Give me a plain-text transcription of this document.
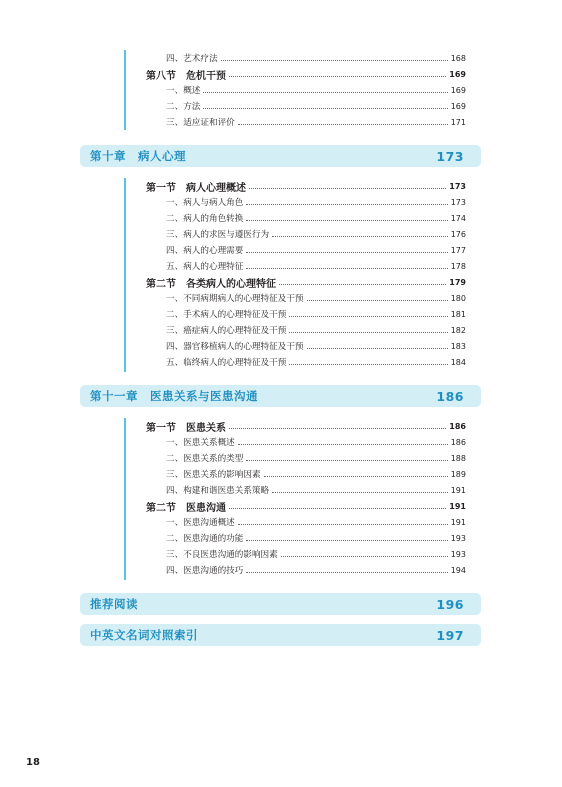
四、艺术疗法	168
第八节　危机干预	169
一、概述	169
二、方法	169
三、适应证和评价	171
第十章　病人心理	173
第一节　病人心理概述	173
一、病人与病人角色	173
二、病人的角色转换	174
三、病人的求医与遵医行为	176
四、病人的心理需要	177
五、病人的心理特征	178
第二节　各类病人的心理特征	179
一、不同病期病人的心理特征及干预	180
二、手术病人的心理特征及干预	181
三、癌症病人的心理特征及干预	182
四、器官移植病人的心理特征及干预	183
五、临终病人的心理特征及干预	184
第十一章　医患关系与医患沟通	186
第一节　医患关系	186
一、医患关系概述	186
二、医患关系的类型	188
三、医患关系的影响因素	189
四、构建和谐医患关系策略	191
第二节　医患沟通	191
一、医患沟通概述	191
二、医患沟通的功能	193
三、不良医患沟通的影响因素	193
四、医患沟通的技巧	194
推荐阅读	196
中英文名词对照索引	197
18
